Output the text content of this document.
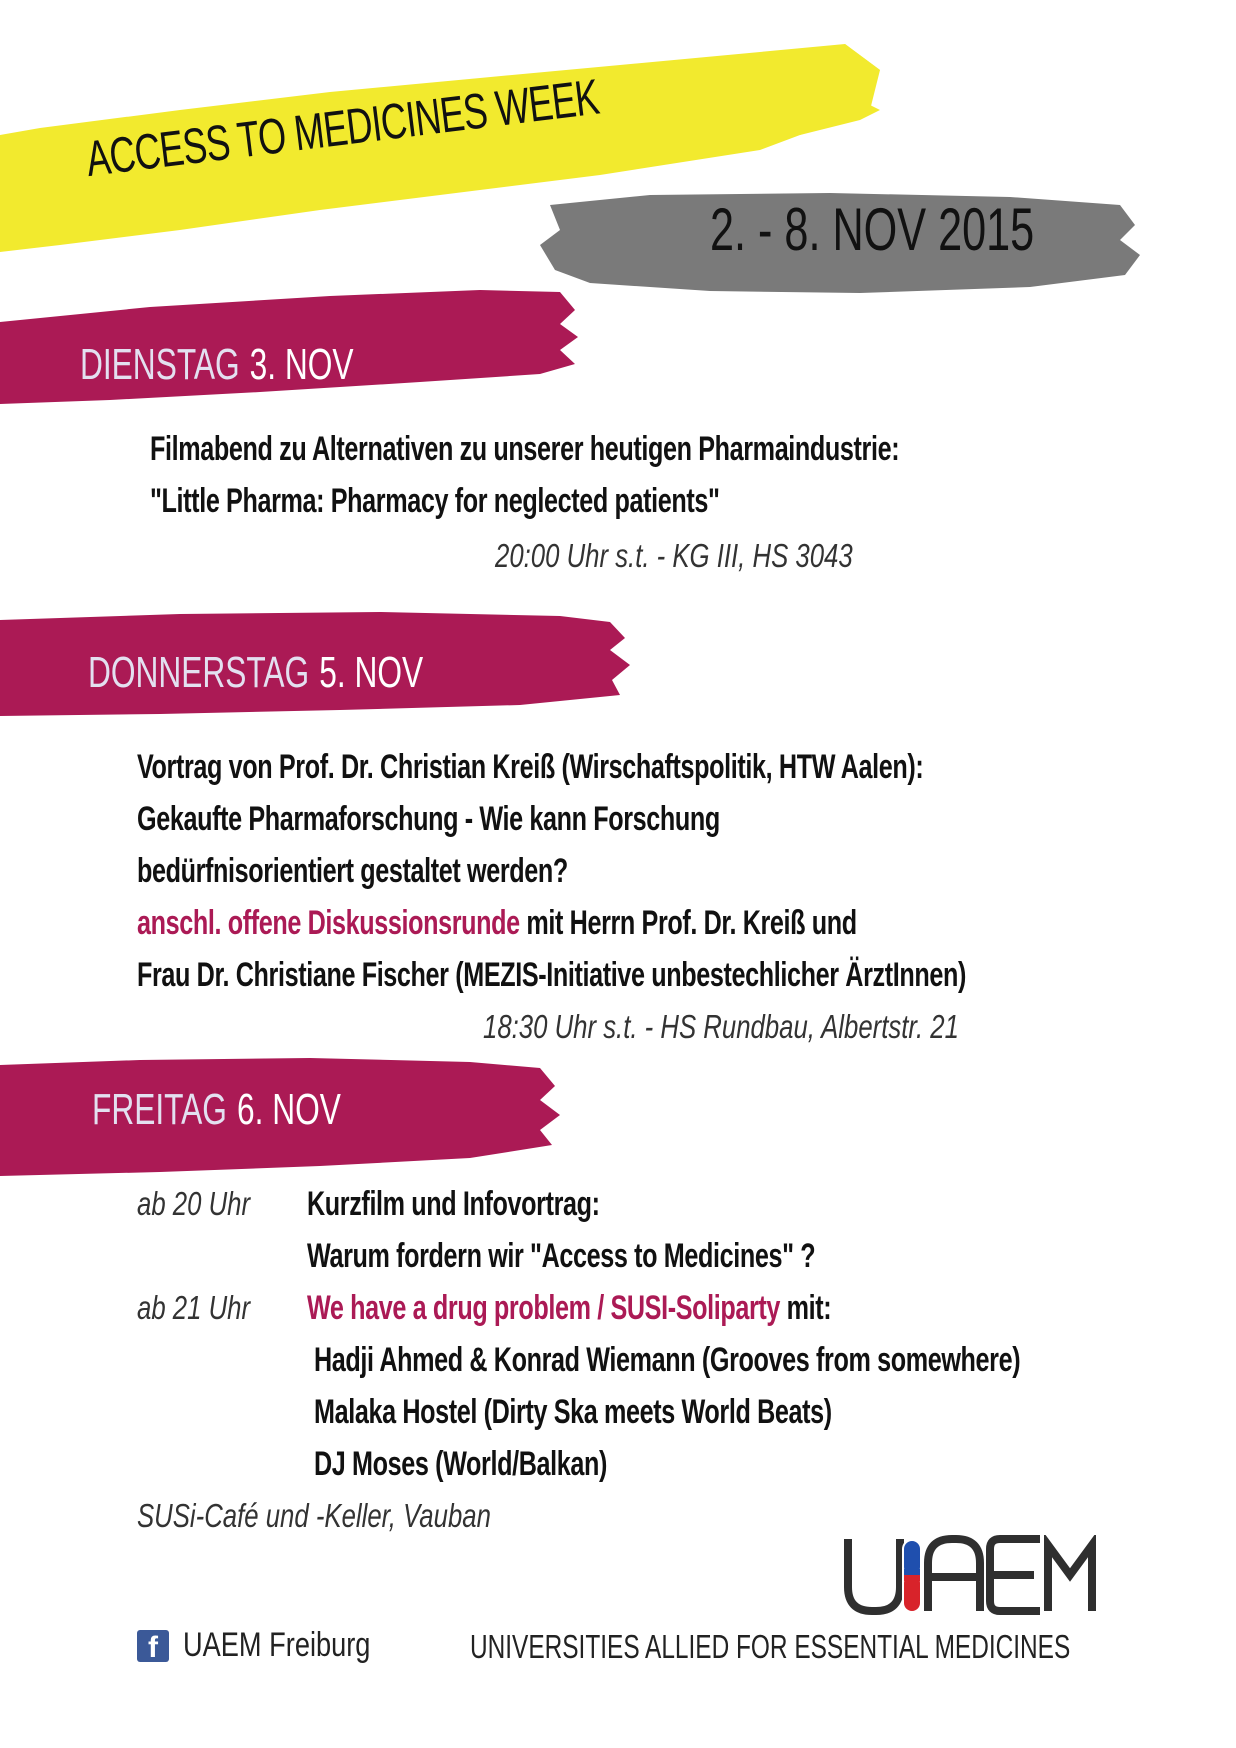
ACCESS TO MEDICINES WEEK
2. - 8. NOV 2015
DIENSTAG 3. NOV
Filmabend zu Alternativen zu unserer heutigen Pharmaindustrie:
"Little Pharma: Pharmacy for neglected patients"
20:00 Uhr s.t. - KG III, HS 3043
DONNERSTAG 5. NOV
Vortrag von Prof. Dr. Christian Kreiß (Wirschaftspolitik, HTW Aalen):
Gekaufte Pharmaforschung - Wie kann Forschung
bedürfnisorientiert gestaltet werden?
anschl. offene Diskussionsrunde mit Herrn Prof. Dr. Kreiß und
Frau Dr. Christiane Fischer (MEZIS-Initiative unbestechlicher ÄrztInnen)
18:30 Uhr s.t. - HS Rundbau, Albertstr. 21
FREITAG 6. NOV
ab 20 Uhr Kurzfilm und Infovortrag:
Warum fordern wir "Access to Medicines" ?
ab 21 Uhr We have a drug problem / SUSI-Soliparty mit:
Hadji Ahmed & Konrad Wiemann (Grooves from somewhere)
Malaka Hostel (Dirty Ska meets World Beats)
DJ Moses (World/Balkan)
SUSi-Café und -Keller, Vauban
f UAEM Freiburg	UNIVERSITIES ALLIED FOR ESSENTIAL MEDICINES
